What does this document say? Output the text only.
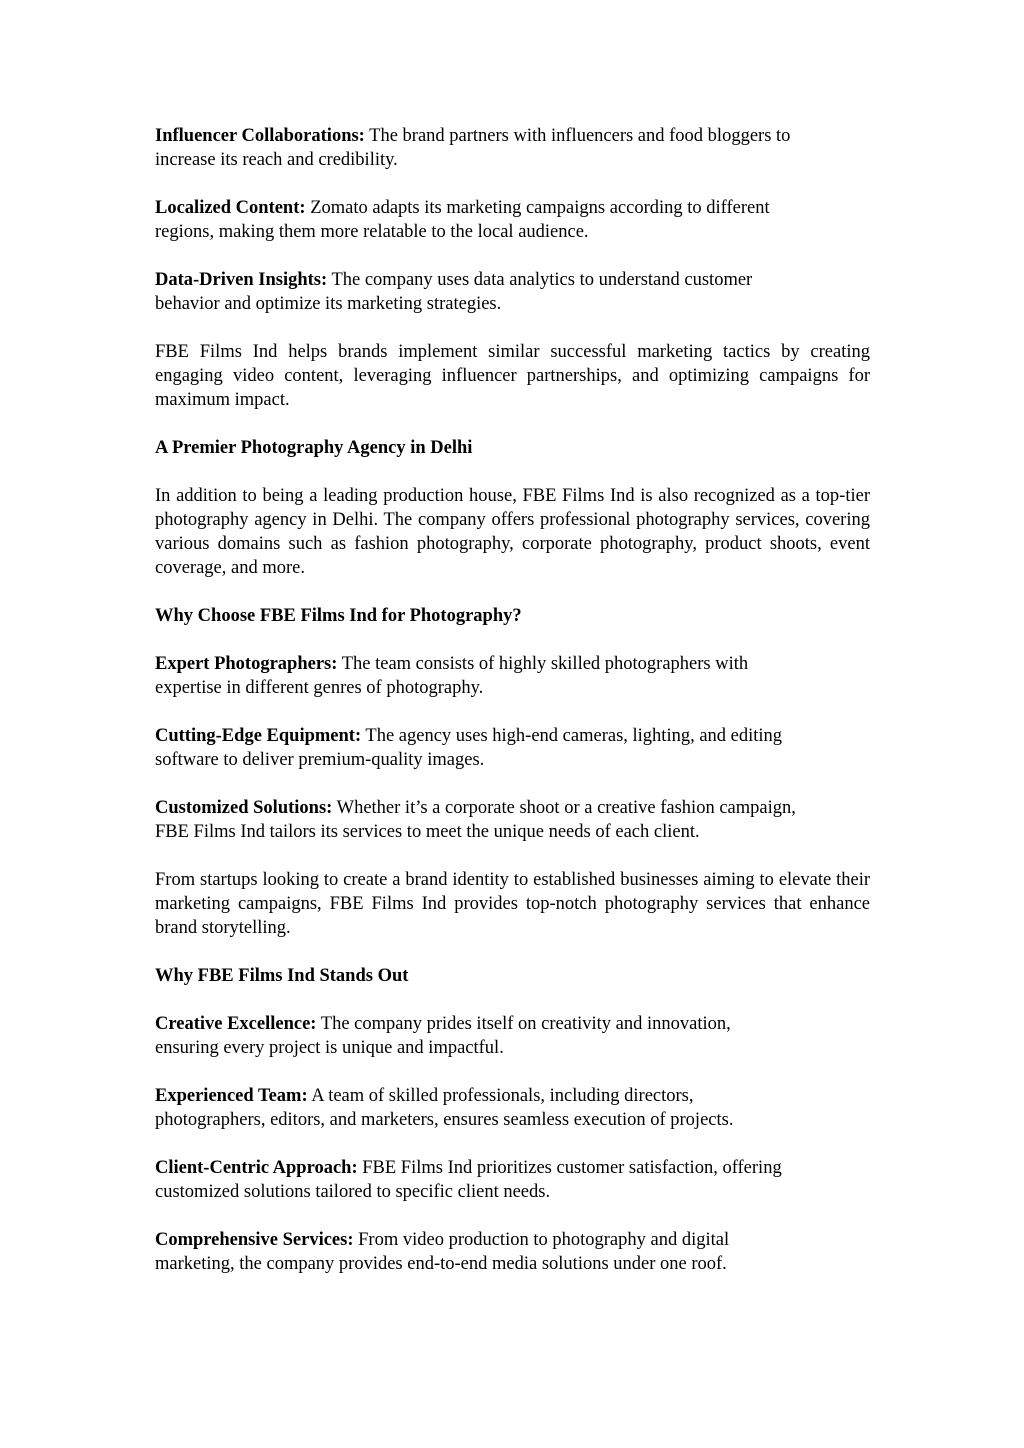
Influencer Collaborations: The brand partners with influencers and food bloggers to
increase its reach and credibility.

Localized Content: Zomato adapts its marketing campaigns according to different
regions, making them more relatable to the local audience.

Data-Driven Insights: The company uses data analytics to understand customer
behavior and optimize its marketing strategies.

FBE Films Ind helps brands implement similar successful marketing tactics by creating engaging video content, leveraging influencer partnerships, and optimizing campaigns for maximum impact.

A Premier Photography Agency in Delhi

In addition to being a leading production house, FBE Films Ind is also recognized as a top-tier photography agency in Delhi. The company offers professional photography services, covering various domains such as fashion photography, corporate photography, product shoots, event coverage, and more.

Why Choose FBE Films Ind for Photography?

Expert Photographers: The team consists of highly skilled photographers with
expertise in different genres of photography.

Cutting-Edge Equipment: The agency uses high-end cameras, lighting, and editing
software to deliver premium-quality images.

Customized Solutions: Whether it’s a corporate shoot or a creative fashion campaign,
FBE Films Ind tailors its services to meet the unique needs of each client.

From startups looking to create a brand identity to established businesses aiming to elevate their marketing campaigns, FBE Films Ind provides top-notch photography services that enhance brand storytelling.

Why FBE Films Ind Stands Out

Creative Excellence: The company prides itself on creativity and innovation,
ensuring every project is unique and impactful.

Experienced Team: A team of skilled professionals, including directors,
photographers, editors, and marketers, ensures seamless execution of projects.

Client-Centric Approach: FBE Films Ind prioritizes customer satisfaction, offering
customized solutions tailored to specific client needs.

Comprehensive Services: From video production to photography and digital
marketing, the company provides end-to-end media solutions under one roof.
